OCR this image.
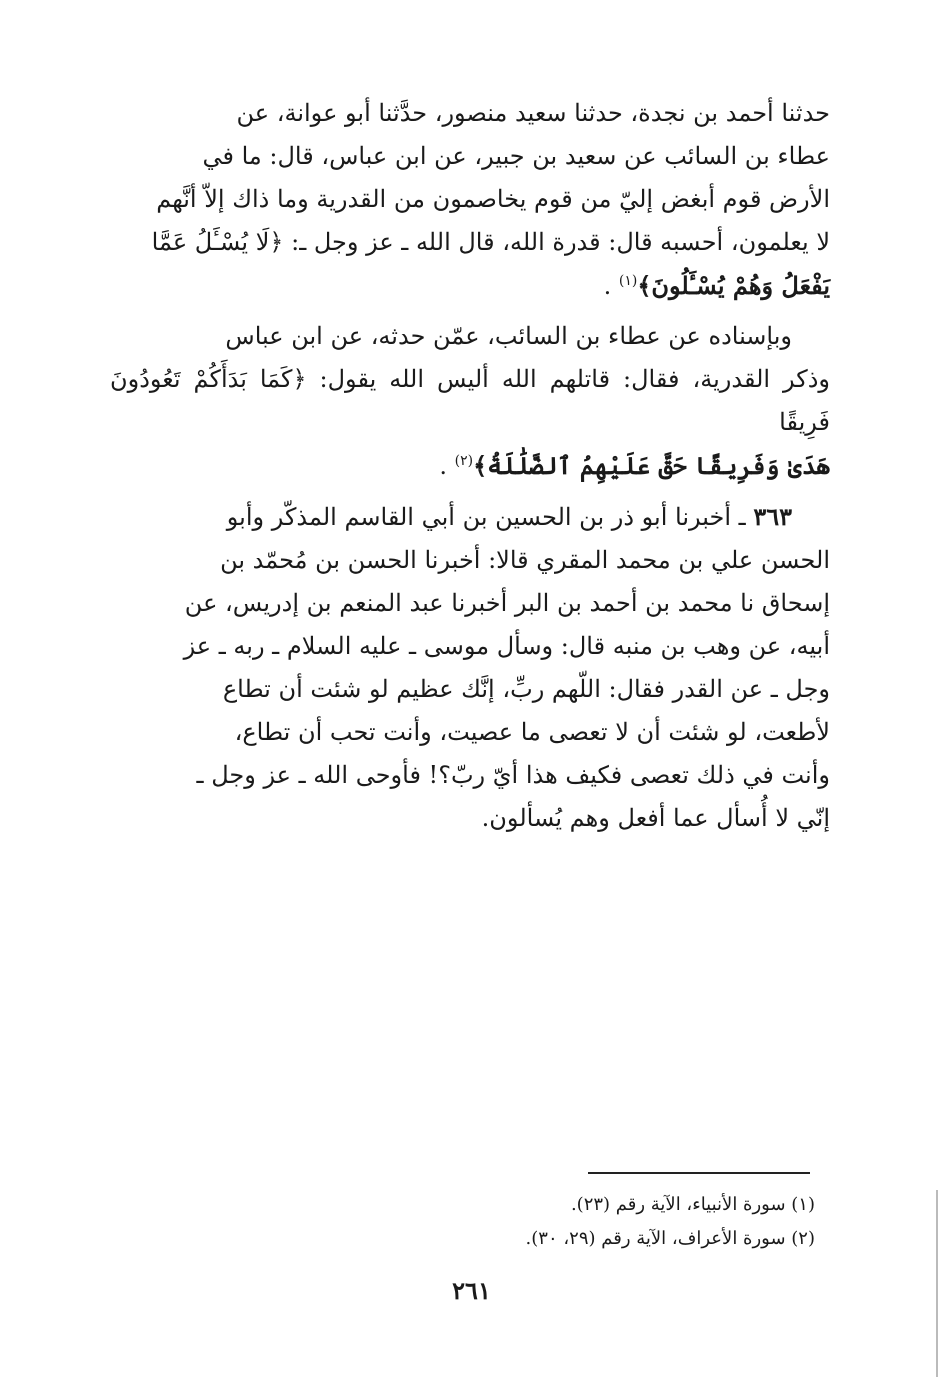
حدثنا أحمد بن نجدة، حدثنا سعيد منصور، حدَّثنا أبو عوانة، عن

عطاء بن السائب عن سعيد بن جبير، عن ابن عباس، قال: ما في

الأرض قوم أبغض إليّ من قوم يخاصمون من القدرية وما ذاك إلاّ أنَّهم

لا يعلمون، أحسبه قال: قدرة الله، قال الله ـ عز وجل ـ: ﴿لَا يُسْـَٔلُ عَمَّا

يَفْعَلُ وَهُمْ يُسْـَٔلُونَ﴾$^{(١)}$ .

وبإسناده عن عطاء بن السائب، عمّن حدثه، عن ابن عباس

وذكر القدرية، فقال: قاتلهم الله أليس الله يقول: ﴿كَمَا بَدَأَكُمْ تَعُودُونَ فَرِيقًا

هَدَىٰ وَفَرِيقًا حَقَّ عَلَيْهِمُ ٱلضَّلَٰلَةُ﴾$^{(٢)}$ .

٣٦٣ ـ أخبرنا أبو ذر بن الحسين بن أبي القاسم المذكّر وأبو

الحسن علي بن محمد المقري قالا: أخبرنا الحسن بن مُحمّد بن

إسحاق نا محمد بن أحمد بن البر أخبرنا عبد المنعم بن إدريس، عن

أبيه، عن وهب بن منبه قال: وسأل موسى ـ عليه السلام ـ ربه ـ عز

وجل ـ عن القدر فقال: اللّهم ربِّ، إنَّك عظيم لو شئت أن تطاع

لأطعت، لو شئت أن لا تعصى ما عصيت، وأنت تحب أن تطاع،

وأنت في ذلك تعصى فكيف هذا أيّ ربّ؟! فأوحى الله ـ عز وجل ـ

إنّي لا أُسأل عما أفعل وهم يُسألون.

(١) سورة الأنبياء، الآية رقم (٢٣).

(٢) سورة الأعراف، الآية رقم (٢٩، ٣٠).

٢٦١
